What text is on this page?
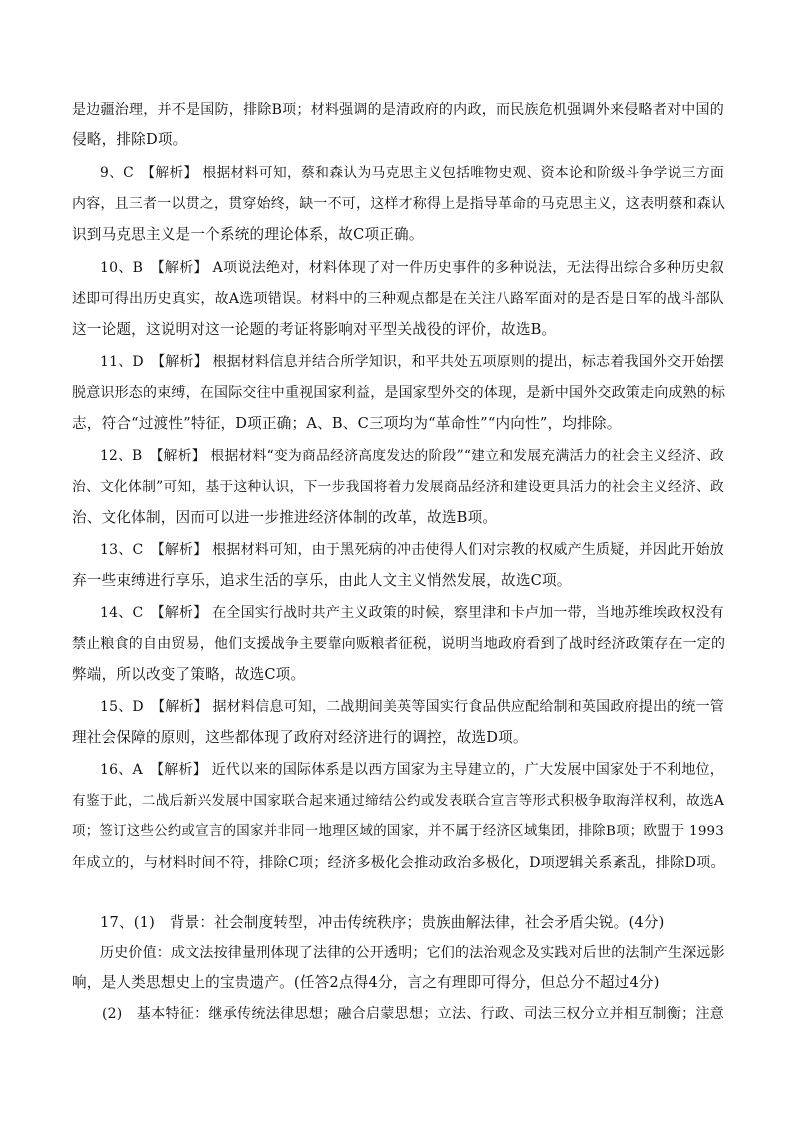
是边疆治理，并不是国防，排除B项；材料强调的是清政府的内政，而民族危机强调外来侵略者对中国的
侵略，排除D项。
9、C　【解析】 根据材料可知，蔡和森认为马克思主义包括唯物史观、资本论和阶级斗争学说三方面
内容，且三者一以贯之，贯穿始终，缺一不可，这样才称得上是指导革命的马克思主义，这表明蔡和森认
识到马克思主义是一个系统的理论体系，故C项正确。
10、B　【解析】 A项说法绝对，材料体现了对一件历史事件的多种说法，无法得出综合多种历史叙
述即可得出历史真实，故A选项错误。材料中的三种观点都是在关注八路军面对的是否是日军的战斗部队
这一论题，这说明对这一论题的考证将影响对平型关战役的评价，故选B。
11、D　【解析】 根据材料信息并结合所学知识，和平共处五项原则的提出，标志着我国外交开始摆
脱意识形态的束缚，在国际交往中重视国家利益，是国家型外交的体现，是新中国外交政策走向成熟的标
志，符合“过渡性”特征，D项正确；A、B、C三项均为“革命性”“内向性”，均排除。
12、B　【解析】 根据材料“变为商品经济高度发达的阶段”“建立和发展充满活力的社会主义经济、政
治、文化体制”可知，基于这种认识，下一步我国将着力发展商品经济和建设更具活力的社会主义经济、政
治、文化体制，因而可以进一步推进经济体制的改革，故选B项。
13、C　【解析】 根据材料可知，由于黑死病的冲击使得人们对宗教的权威产生质疑，并因此开始放
弃一些束缚进行享乐，追求生活的享乐，由此人文主义悄然发展，故选C项。
14、C　【解析】 在全国实行战时共产主义政策的时候，察里津和卡卢加一带，当地苏维埃政权没有
禁止粮食的自由贸易，他们支援战争主要靠向贩粮者征税，说明当地政府看到了战时经济政策存在一定的
弊端，所以改变了策略，故选C项。
15、D　【解析】 据材料信息可知，二战期间美英等国实行食品供应配给制和英国政府提出的统一管
理社会保障的原则，这些都体现了政府对经济进行的调控，故选D项。
16、A　【解析】 近代以来的国际体系是以西方国家为主导建立的，广大发展中国家处于不利地位，
有鉴于此，二战后新兴发展中国家联合起来通过缔结公约或发表联合宣言等形式积极争取海洋权利，故选A
项；签订这些公约或宣言的国家并非同一地理区域的国家，并不属于经济区域集团，排除B项；欧盟于 1993
年成立的，与材料时间不符，排除C项；经济多极化会推动政治多极化，D项逻辑关系紊乱，排除D项。
17、(1)　背景：社会制度转型，冲击传统秩序；贵族曲解法律，社会矛盾尖锐。(4分)
历史价值：成文法按律量刑体现了法律的公开透明；它们的法治观念及实践对后世的法制产生深远影
响，是人类思想史上的宝贵遗产。(任答2点得4分，言之有理即可得分，但总分不超过4分)
(2)　基本特征：继承传统法律思想；融合启蒙思想；立法、行政、司法三权分立并相互制衡；注意
